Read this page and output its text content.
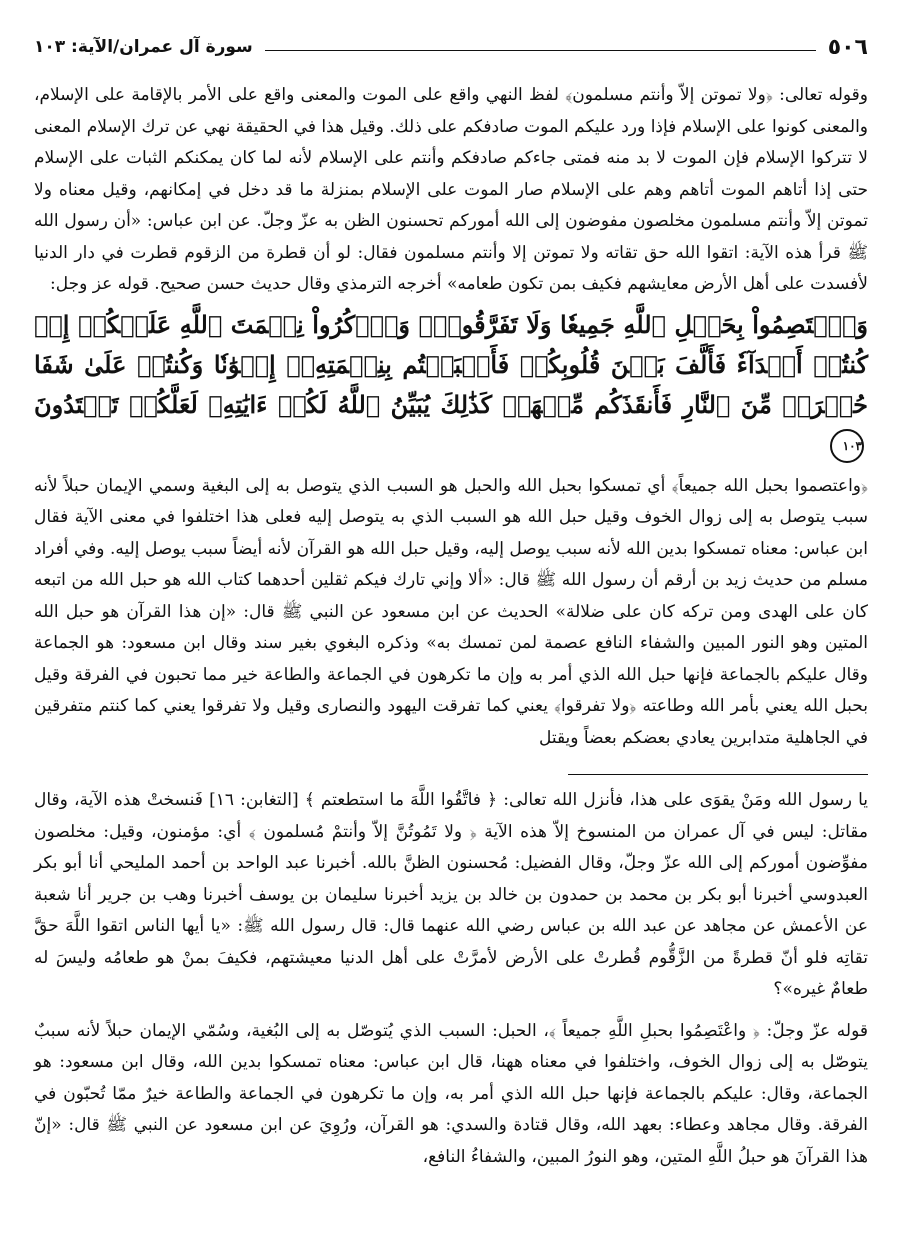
٥٠٦
سورة آل عمران/الآية: ١٠٣

وقوله تعالى: ﴿ولا تموتن إلاّ وأنتم مسلمون﴾ لفظ النهي واقع على الموت والمعنى واقع على الأمر بالإقامة على الإسلام، والمعنى كونوا على الإسلام فإذا ورد عليكم الموت صادفكم على ذلك. وقيل هذا في الحقيقة نهي عن ترك الإسلام المعنى لا تتركوا الإسلام فإن الموت لا بد منه فمتى جاءكم صادفكم وأنتم على الإسلام لأنه لما كان يمكنكم الثبات على الإسلام حتى إذا أتاهم الموت أتاهم وهم على الإسلام صار الموت على الإسلام بمنزلة ما قد دخل في إمكانهم، وقيل معناه ولا تموتن إلاّ وأنتم مسلمون مخلصون مفوضون إلى الله أموركم تحسنون الظن به عزّ وجلّ. عن ابن عباس: «أن رسول الله ﷺ قرأ هذه الآية: اتقوا الله حق تقاته ولا تموتن إلا وأنتم مسلمون فقال: لو أن قطرة من الزقوم قطرت في دار الدنيا لأفسدت على أهل الأرض معايشهم فكيف بمن تكون طعامه» أخرجه الترمذي وقال حديث حسن صحيح. قوله عز وجل:

وَٱعۡتَصِمُواْ بِحَبۡلِ ٱللَّهِ جَمِيعٗا وَلَا تَفَرَّقُواْۚ وَٱذۡكُرُواْ نِعۡمَتَ ٱللَّهِ عَلَيۡكُمۡ إِذۡ كُنتُمۡ أَعۡدَآءٗ فَأَلَّفَ بَيۡنَ قُلُوبِكُمۡ فَأَصۡبَحۡتُم بِنِعۡمَتِهِۦٓ إِخۡوَٰنٗا وَكُنتُمۡ عَلَىٰ شَفَا حُفۡرَةٖ مِّنَ ٱلنَّارِ فَأَنقَذَكُم مِّنۡهَاۗ كَذَٰلِكَ يُبَيِّنُ ٱللَّهُ لَكُمۡ ءَايَٰتِهِۦ لَعَلَّكُمۡ تَهۡتَدُونَ ١٠٣

﴿واعتصموا بحبل الله جميعاً﴾ أي تمسكوا بحبل الله والحبل هو السبب الذي يتوصل به إلى البغية وسمي الإيمان حبلاً لأنه سبب يتوصل به إلى زوال الخوف وقيل حبل الله هو السبب الذي به يتوصل إليه فعلى هذا اختلفوا في معنى الآية فقال ابن عباس: معناه تمسكوا بدين الله لأنه سبب يوصل إليه، وقيل حبل الله هو القرآن لأنه أيضاً سبب يوصل إليه. وفي أفراد مسلم من حديث زيد بن أرقم أن رسول الله ﷺ قال: «ألا وإني تارك فيكم ثقلين أحدهما كتاب الله هو حبل الله من اتبعه كان على الهدى ومن تركه كان على ضلالة» الحديث عن ابن مسعود عن النبي ﷺ قال: «إن هذا القرآن هو حبل الله المتين وهو النور المبين والشفاء النافع عصمة لمن تمسك به» وذكره البغوي بغير سند وقال ابن مسعود: هو الجماعة وقال عليكم بالجماعة فإنها حبل الله الذي أمر به وإن ما تكرهون في الجماعة والطاعة خير مما تحبون في الفرقة وقيل بحبل الله يعني بأمر الله وطاعته ﴿ولا تفرقوا﴾ يعني كما تفرقت اليهود والنصارى وقيل ولا تفرقوا يعني كما كنتم متفرقين في الجاهلية متدابرين يعادي بعضكم بعضاً ويقتل

يا رسول الله ومَنْ يقوَى على هذا، فأنزل الله تعالى: ﴿ فاتَّقُوا اللَّهَ ما استطعتم ﴾ [التغابن: ١٦] فَنسختْ هذه الآية، وقال مقاتل: ليس في آل عمران من المنسوخ إلاّ هذه الآية ﴿ ولا تَمُوتُنَّ إلاّ وأنتمْ مُسلمون ﴾ أي: مؤمنون، وقيل: مخلصون مفوِّضون أموركم إلى الله عزّ وجلّ، وقال الفضيل: مُحسنون الظنَّ بالله. أخبرنا عبد الواحد بن أحمد المليحي أنا أبو بكر العبدوسي أخبرنا أبو بكر بن محمد بن حمدون بن خالد بن يزيد أخبرنا سليمان بن يوسف أخبرنا وهب بن جرير أنا شعبة عن الأعمش عن مجاهد عن عبد الله بن عباس رضي الله عنهما قال: قال رسول الله ﷺ: «يا أيها الناس اتقوا اللَّهَ حقَّ تقاتِه فلو أنّ قطرةً من الزَّقُّوم قُطرتْ على الأرض لأمرَّتْ على أهل الدنيا معيشتهم، فكيفَ بمنْ هو طعامُه وليسَ له طعامٌ غيره»؟

قوله عزّ وجلّ: ﴿ واعْتَصِمُوا بحبلِ اللَّهِ جميعاً ﴾، الحبل: السبب الذي يُتوصّل به إلى البُغية، وسُمّي الإيمان حبلاً لأنه سببٌ يتوصّل به إلى زوال الخوف، واختلفوا في معناه ههنا، قال ابن عباس: معناه تمسكوا بدين الله، وقال ابن مسعود: هو الجماعة، وقال: عليكم بالجماعة فإنها حبل الله الذي أمر به، وإن ما تكرهون في الجماعة والطاعة خيرٌ ممّا تُحبّون في الفرقة. وقال مجاهد وعطاء: بعهد الله، وقال قتادة والسدي: هو القرآن، ورُوِيَ عن ابن مسعود عن النبي ﷺ قال: «إنّ هذا القرآنَ هو حبلُ اللَّهِ المتين، وهو النورُ المبين، والشفاءُ النافع،
